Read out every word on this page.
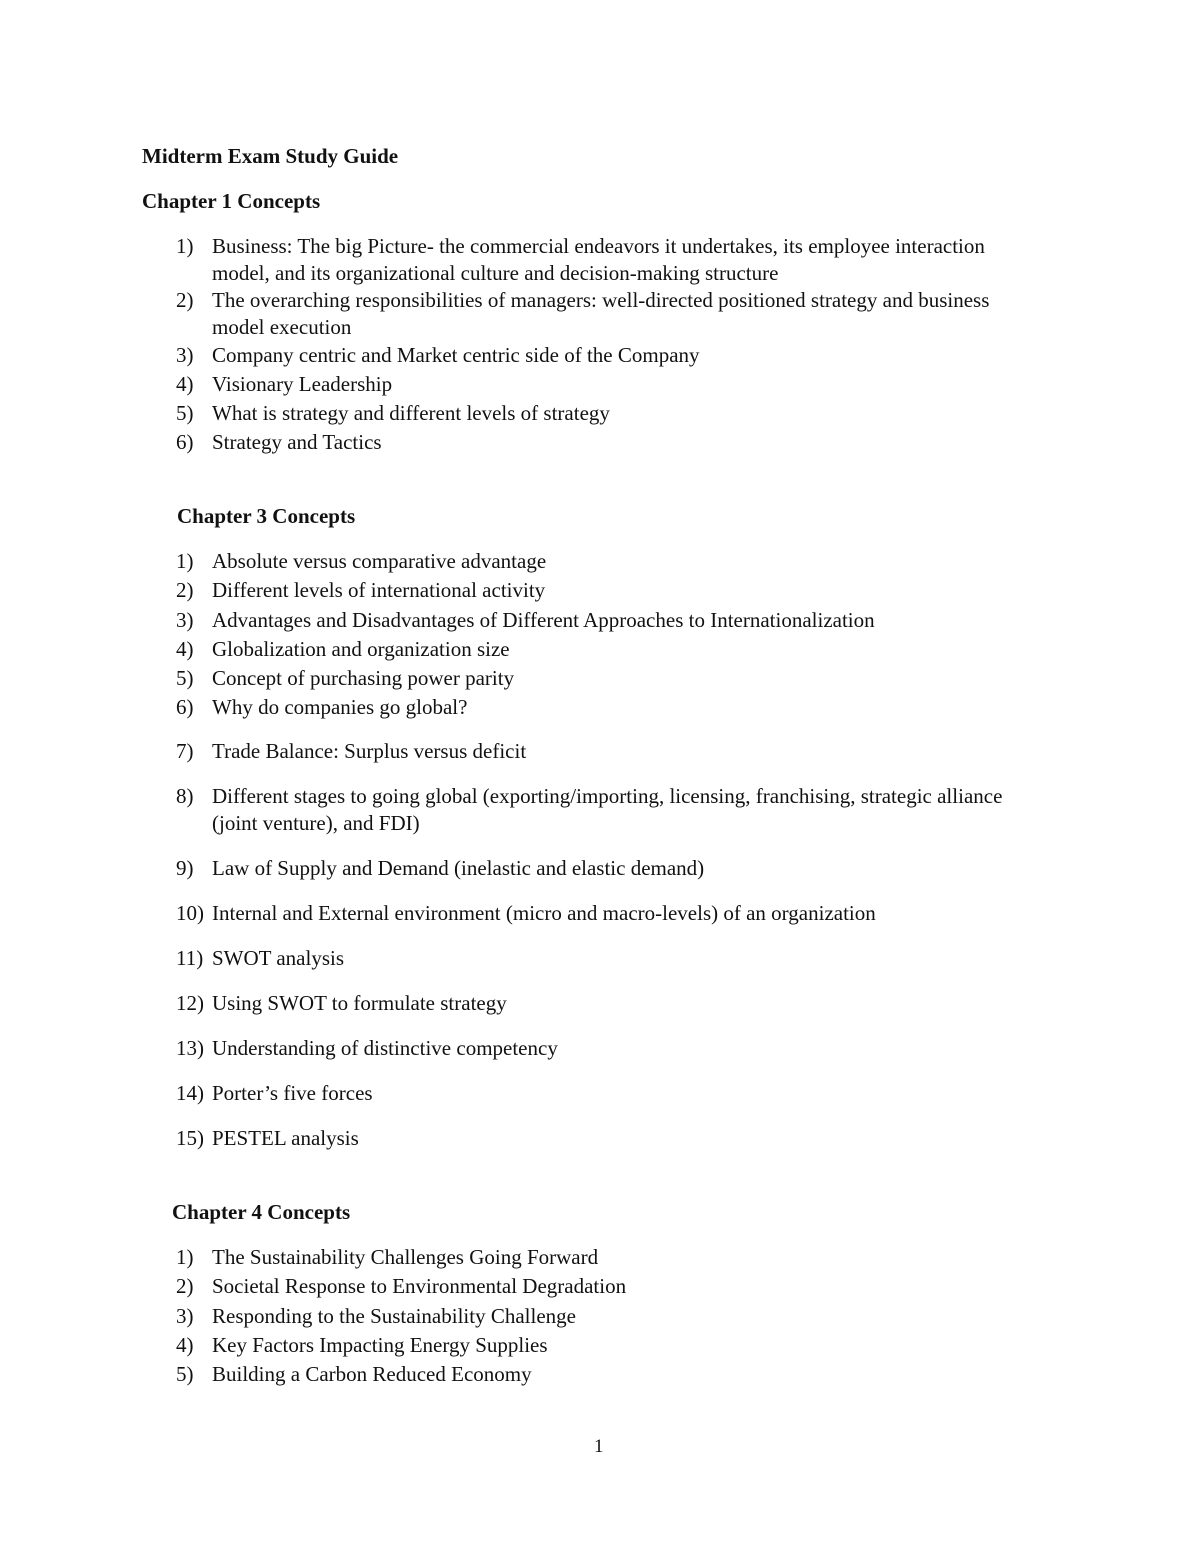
Midterm Exam Study Guide
Chapter 1 Concepts
1) Business: The big Picture- the commercial endeavors it undertakes, its employee interaction model, and its organizational culture and decision-making structure
2) The overarching responsibilities of managers: well-directed positioned strategy and business model execution
3) Company centric and Market centric side of the Company
4) Visionary Leadership
5) What is strategy and different levels of strategy
6) Strategy and Tactics
Chapter 3 Concepts
1) Absolute versus comparative advantage
2) Different levels of international activity
3) Advantages and Disadvantages of Different Approaches to Internationalization
4) Globalization and organization size
5) Concept of purchasing power parity
6) Why do companies go global?
7) Trade Balance: Surplus versus deficit
8) Different stages to going global (exporting/importing, licensing, franchising, strategic alliance (joint venture), and FDI)
9) Law of Supply and Demand (inelastic and elastic demand)
10) Internal and External environment (micro and macro-levels) of an organization
11) SWOT analysis
12) Using SWOT to formulate strategy
13) Understanding of distinctive competency
14) Porter’s five forces
15) PESTEL analysis
Chapter 4 Concepts
1) The Sustainability Challenges Going Forward
2) Societal Response to Environmental Degradation
3) Responding to the Sustainability Challenge
4) Key Factors Impacting Energy Supplies
5) Building a Carbon Reduced Economy
1
